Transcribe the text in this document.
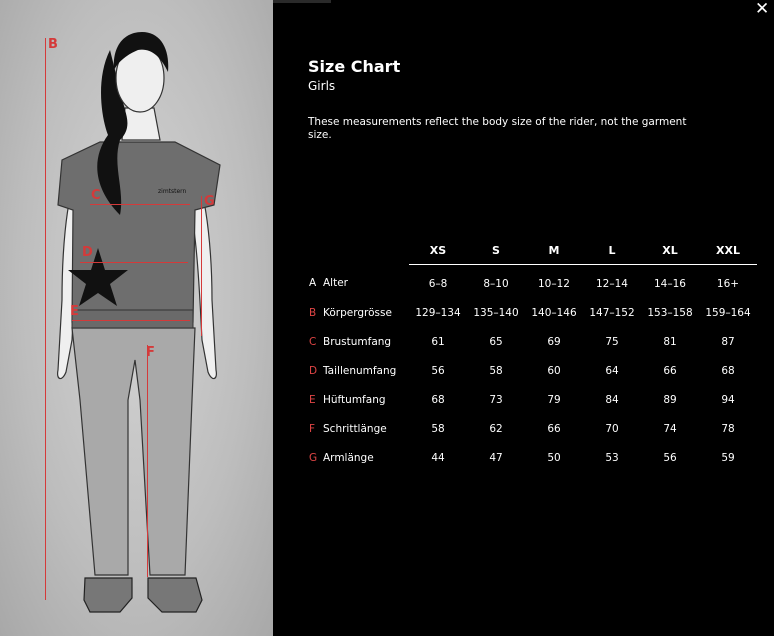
zimtstern
B
C
D
E
F
G
✕
Size Chart
Girls
These measurements reflect the body size of the rider, not the garment size.
	XS	S	M	L	XL	XXL
A Alter	6–8	8–10	10–12	12–14	14–16	16+
B Körpergrösse	129–134	135–140	140–146	147–152	153–158	159–164
C Brustumfang	61	65	69	75	81	87
D Taillenumfang	56	58	60	64	66	68
E Hüftumfang	68	73	79	84	89	94
F Schrittlänge	58	62	66	70	74	78
G Armlänge	44	47	50	53	56	59
